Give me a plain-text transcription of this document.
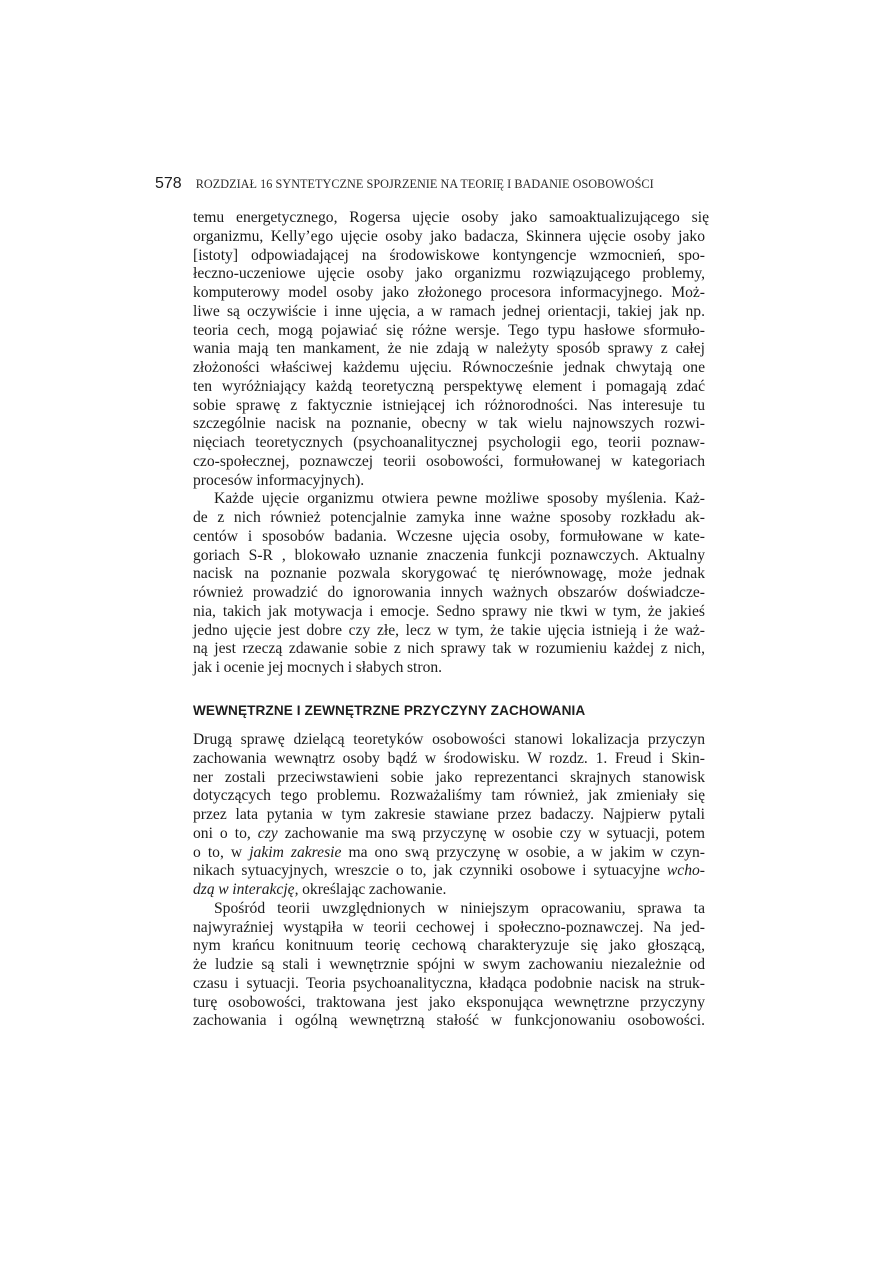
578 ROZDZIAŁ 16 SYNTETYCZNE SPOJRZENIE NA TEORIĘ I BADANIE OSOBOWOŚCI
temu energetycznego, Rogersa ujęcie osoby jako samoaktualizującego się
organizmu, Kelly’ego ujęcie osoby jako badacza, Skinnera ujęcie osoby jako
[istoty] odpowiadającej na środowiskowe kontyngencje wzmocnień, spo-
łeczno-uczeniowe ujęcie osoby jako organizmu rozwiązującego problemy,
komputerowy model osoby jako złożonego procesora informacyjnego. Moż-
liwe są oczywiście i inne ujęcia, a w ramach jednej orientacji, takiej jak np.
teoria cech, mogą pojawiać się różne wersje. Tego typu hasłowe sformuło-
wania mają ten mankament, że nie zdają w należyty sposób sprawy z całej
złożoności właściwej każdemu ujęciu. Równocześnie jednak chwytają one
ten wyróżniający każdą teoretyczną perspektywę element i pomagają zdać
sobie sprawę z faktycznie istniejącej ich różnorodności. Nas interesuje tu
szczególnie nacisk na poznanie, obecny w tak wielu najnowszych rozwi-
nięciach teoretycznych (psychoanalitycznej psychologii ego, teorii poznaw-
czo-społecznej, poznawczej teorii osobowości, formułowanej w kategoriach
procesów informacyjnych).
Każde ujęcie organizmu otwiera pewne możliwe sposoby myślenia. Każ-
de z nich również potencjalnie zamyka inne ważne sposoby rozkładu ak-
centów i sposobów badania. Wczesne ujęcia osoby, formułowane w kate-
goriach S-R , blokowało uznanie znaczenia funkcji poznawczych. Aktualny
nacisk na poznanie pozwala skorygować tę nierównowagę, może jednak
również prowadzić do ignorowania innych ważnych obszarów doświadcze-
nia, takich jak motywacja i emocje. Sedno sprawy nie tkwi w tym, że jakieś
jedno ujęcie jest dobre czy złe, lecz w tym, że takie ujęcia istnieją i że waż-
ną jest rzeczą zdawanie sobie z nich sprawy tak w rozumieniu każdej z nich,
jak i ocenie jej mocnych i słabych stron.
WEWNĘTRZNE I ZEWNĘTRZNE PRZYCZYNY ZACHOWANIA
Drugą sprawę dzielącą teoretyków osobowości stanowi lokalizacja przyczyn
zachowania wewnątrz osoby bądź w środowisku. W rozdz. 1. Freud i Skin-
ner zostali przeciwstawieni sobie jako reprezentanci skrajnych stanowisk
dotyczących tego problemu. Rozważaliśmy tam również, jak zmieniały się
przez lata pytania w tym zakresie stawiane przez badaczy. Najpierw pytali
oni o to, czy zachowanie ma swą przyczynę w osobie czy w sytuacji, potem
o to, w jakim zakresie ma ono swą przyczynę w osobie, a w jakim w czyn-
nikach sytuacyjnych, wreszcie o to, jak czynniki osobowe i sytuacyjne wcho-
dzą w interakcję, określając zachowanie.
Spośród teorii uwzględnionych w niniejszym opracowaniu, sprawa ta
najwyraźniej wystąpiła w teorii cechowej i społeczno-poznawczej. Na jed-
nym krańcu konitnuum teorię cechową charakteryzuje się jako głoszącą,
że ludzie są stali i wewnętrznie spójni w swym zachowaniu niezależnie od
czasu i sytuacji. Teoria psychoanalityczna, kładąca podobnie nacisk na struk-
turę osobowości, traktowana jest jako eksponująca wewnętrzne przyczyny
zachowania i ogólną wewnętrzną stałość w funkcjonowaniu osobowości.
